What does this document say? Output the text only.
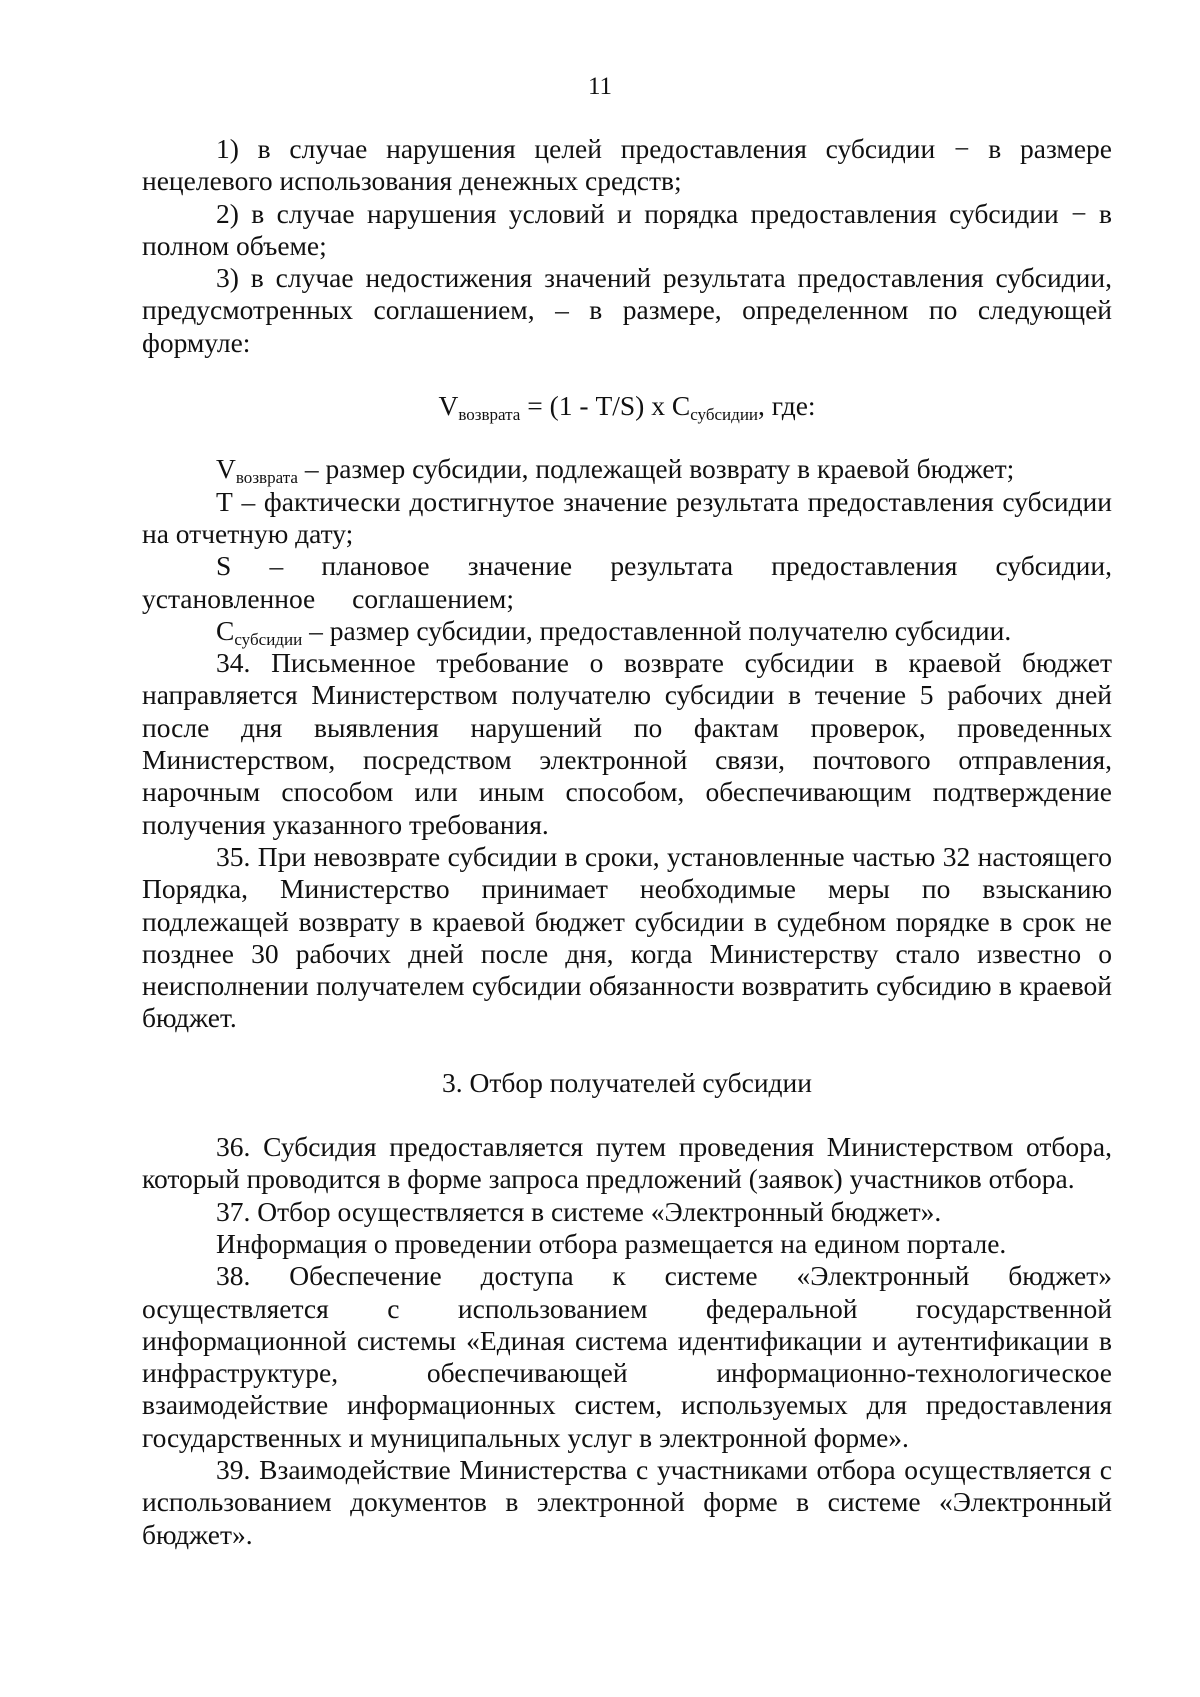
11

1) в случае нарушения целей предоставления субсидии − в размере нецелевого использования денежных средств;

2) в случае нарушения условий и порядка предоставления субсидии − в полном объеме;

3) в случае недостижения значений результата предоставления субсидии, предусмотренных соглашением, – в размере, определенном по следующей формуле:

$V_{возврата} = (1 - T/S)$ x $C_{субсидии}$, где:

$V_{возврата}$ – размер субсидии, подлежащей возврату в краевой бюджет;

Т – фактически достигнутое значение результата предоставления субсидии на отчетную дату;

S – плановое значение результата предоставления субсидии, установленное соглашением;

$С_{субсидии}$ – размер субсидии, предоставленной получателю субсидии.

34. Письменное требование о возврате субсидии в краевой бюджет направляется Министерством получателю субсидии в течение 5 рабочих дней после дня выявления нарушений по фактам проверок, проведенных Министерством, посредством электронной связи, почтового отправления, нарочным способом или иным способом, обеспечивающим подтверждение получения указанного требования.

35. При невозврате субсидии в сроки, установленные частью 32 настоящего Порядка, Министерство принимает необходимые меры по взысканию подлежащей возврату в краевой бюджет субсидии в судебном порядке в срок не позднее 30 рабочих дней после дня, когда Министерству стало известно о неисполнении получателем субсидии обязанности возвратить субсидию в краевой бюджет.

3. Отбор получателей субсидии

36. Субсидия предоставляется путем проведения Министерством отбора, который проводится в форме запроса предложений (заявок) участников отбора.

37. Отбор осуществляется в системе «Электронный бюджет».

Информация о проведении отбора размещается на едином портале.

38. Обеспечение доступа к системе «Электронный бюджет» осуществляется с использованием федеральной государственной информационной системы «Единая система идентификации и аутентификации в инфраструктуре, обеспечивающей информационно-технологическое взаимодействие информационных систем, используемых для предоставления государственных и муниципальных услуг в электронной форме».

39. Взаимодействие Министерства с участниками отбора осуществляется с использованием документов в электронной форме в системе «Электронный бюджет».
